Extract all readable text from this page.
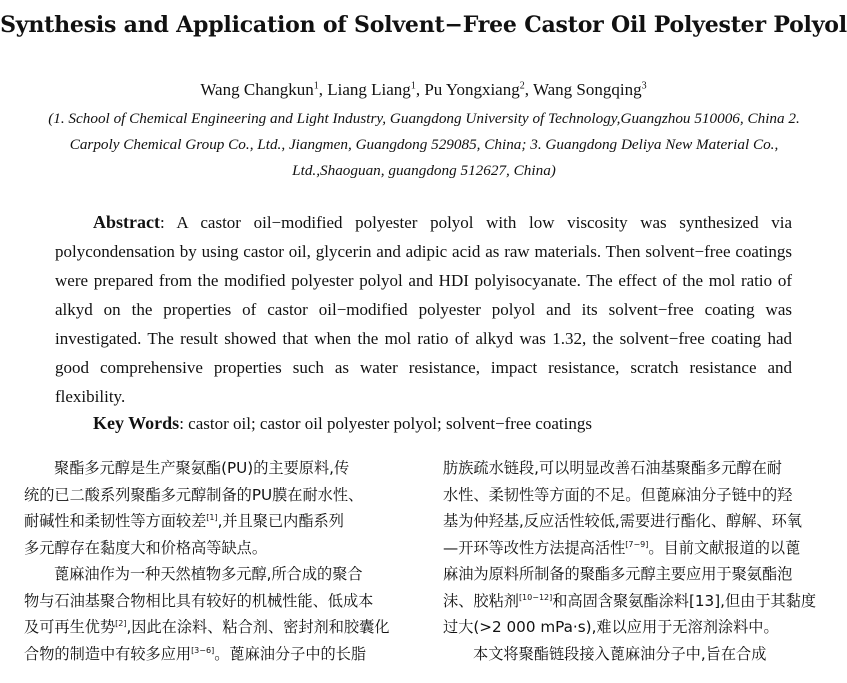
Synthesis and Application of Solvent−Free Castor Oil Polyester Polyol
Wang Changkun$^1$, Liang Liang$^1$, Pu Yongxiang$^2$, Wang Songqing$^3$
(1. School of Chemical Engineering and Light Industry, Guangdong University of Technology,Guangzhou 510006, China 2. Carpoly Chemical Group Co., Ltd., Jiangmen, Guangdong 529085, China; 3. Guangdong Deliya New Material Co., Ltd.,Shaoguan, guangdong 512627, China)
Abstract: A castor oil−modified polyester polyol with low viscosity was synthesized via polycondensation by using castor oil, glycerin and adipic acid as raw materials. Then solvent−free coatings were prepared from the modified polyester polyol and HDI polyisocyanate. The effect of the mol ratio of alkyd on the properties of castor oil−modified polyester polyol and its solvent−free coating was investigated. The result showed that when the mol ratio of alkyd was 1.32, the solvent−free coating had good comprehensive properties such as water resistance, impact resistance, scratch resistance and flexibility.
Key Words: castor oil; castor oil polyester polyol; solvent−free coatings
聚酯多元醇是生产聚氨酯(PU)的主要原料,传
统的已二酸系列聚酯多元醇制备的PU膜在耐水性、
耐碱性和柔韧性等方面较差[1],并且聚已内酯系列
多元醇存在黏度大和价格高等缺点。
蓖麻油作为一种天然植物多元醇,所合成的聚合
物与石油基聚合物相比具有较好的机械性能、低成本
及可再生优势[2],因此在涂料、粘合剂、密封剂和胶囊化
合物的制造中有较多应用[3−6]。蓖麻油分子中的长脂
肪族疏水链段,可以明显改善石油基聚酯多元醇在耐
水性、柔韧性等方面的不足。但蓖麻油分子链中的羟
基为仲羟基,反应活性较低,需要进行酯化、醇解、环氧
—开环等改性方法提高活性[7−9]。目前文献报道的以蓖
麻油为原料所制备的聚酯多元醇主要应用于聚氨酯泡
沫、胶粘剂[10−12]和高固含聚氨酯涂料[13],但由于其黏度
过大(>2 000 mPa·s),难以应用于无溶剂涂料中。
本文将聚酯链段接入蓖麻油分子中,旨在合成
